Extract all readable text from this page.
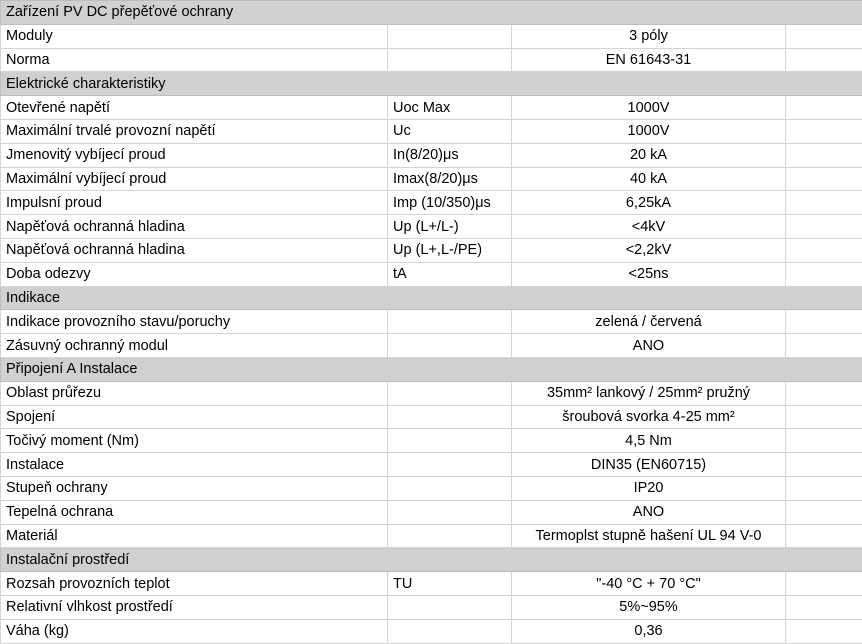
Zařízení PV DC přepěťové ochrany			
Moduly		3 póly	
Norma		EN 61643-31	
Elektrické charakteristiky			
Otevřené napětí	Uoc Max	1000V	
Maximální trvalé provozní napětí	Uc	1000V	
Jmenovitý vybíjecí proud	In(8/20)μs	20 kA	
Maximální vybíjecí proud	Imax(8/20)μs	40 kA	
Impulsní proud	Imp (10/350)μs	6,25kA	
Napěťová ochranná hladina	Up (L+/L-)	<4kV	
Napěťová ochranná hladina	Up (L+,L-/PE)	<2,2kV	
Doba odezvy	tA	<25ns	
Indikace			
Indikace provozního stavu/poruchy		zelená / červená	
Zásuvný ochranný modul		ANO	
Připojení A Instalace			
Oblast průřezu		35mm² lankový / 25mm² pružný	
Spojení		šroubová svorka 4-25 mm²	
Točivý moment (Nm)		4,5 Nm	
Instalace		DIN35 (EN60715)	
Stupeň ochrany		IP20	
Tepelná ochrana		ANO	
Materiál		Termoplst stupně hašení UL 94 V-0	
Instalační prostředí			
Rozsah provozních teplot	TU	"-40 °C + 70 °C"	
Relativní vlhkost prostředí		5%~95%	
Váha (kg)		0,36	
